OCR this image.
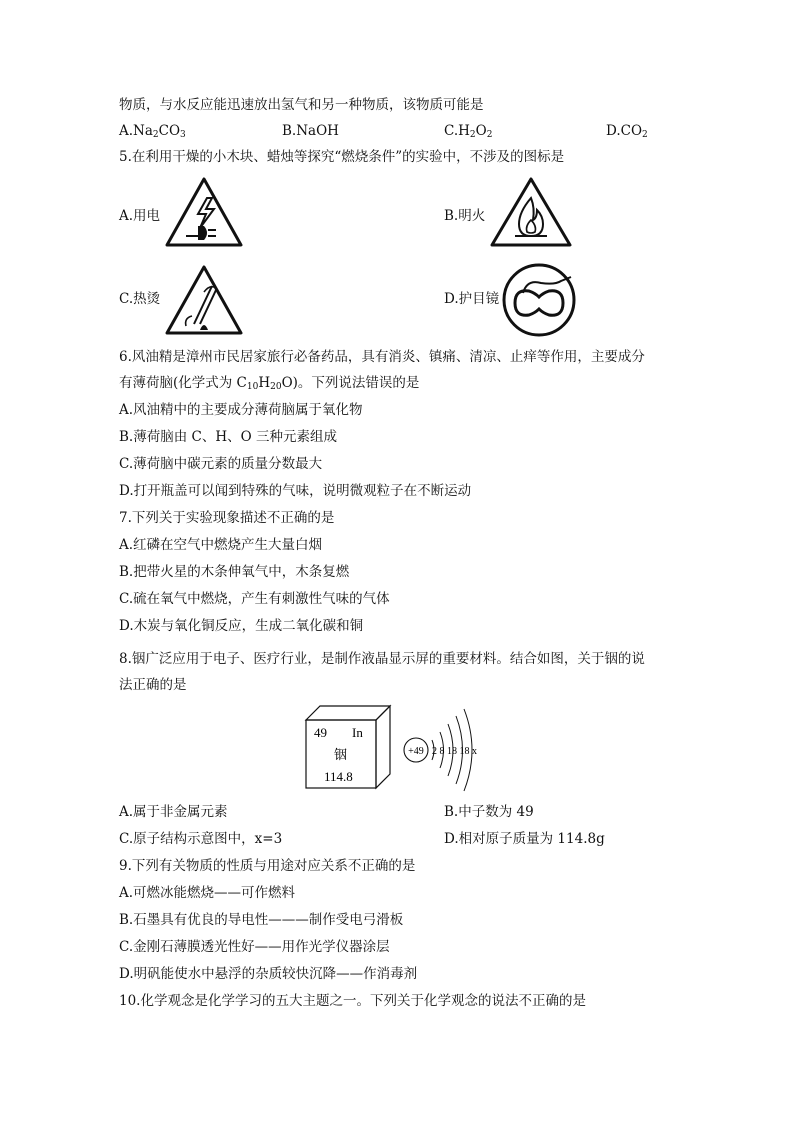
物质，与水反应能迅速放出氢气和另一种物质，该物质可能是
$A.Na_2CO_3$	B.NaOH	$C.H_2O_2$	$D.CO_2$
5.在利用干燥的小木块、蜡烛等探究“燃烧条件”的实验中，不涉及的图标是
A.用电	B.明火
C.热烫	D.护目镜
6.风油精是漳州市民居家旅行必备药品，具有消炎、镇痛、清凉、止痒等作用，主要成分
有薄荷脑(化学式为 $C_{10}H_{20}O$)。下列说法错误的是
A.风油精中的主要成分薄荷脑属于氧化物
B.薄荷脑由 C、H、O 三种元素组成
C.薄荷脑中碳元素的质量分数最大
D.打开瓶盖可以闻到特殊的气味，说明微观粒子在不断运动
7.下列关于实验现象描述不正确的是
A.红磷在空气中燃烧产生大量白烟
B.把带火星的木条伸氧气中，木条复燃
C.硫在氧气中燃烧，产生有刺激性气味的气体
D.木炭与氧化铜反应，生成二氧化碳和铜
8.铟广泛应用于电子、医疗行业，是制作液晶显示屏的重要材料。结合如图，关于铟的说
法正确的是
49 In
铟
114.8
+49 2 8 18 18 x
A.属于非金属元素	B.中子数为 49
C.原子结构示意图中，x=3	D.相对原子质量为 114.8g
9.下列有关物质的性质与用途对应关系不正确的是
A.可燃冰能燃烧——可作燃料
B.石墨具有优良的导电性———制作受电弓滑板
C.金刚石薄膜透光性好——用作光学仪器涂层
D.明矾能使水中悬浮的杂质较快沉降——作消毒剂
10.化学观念是化学学习的五大主题之一。下列关于化学观念的说法不正确的是
